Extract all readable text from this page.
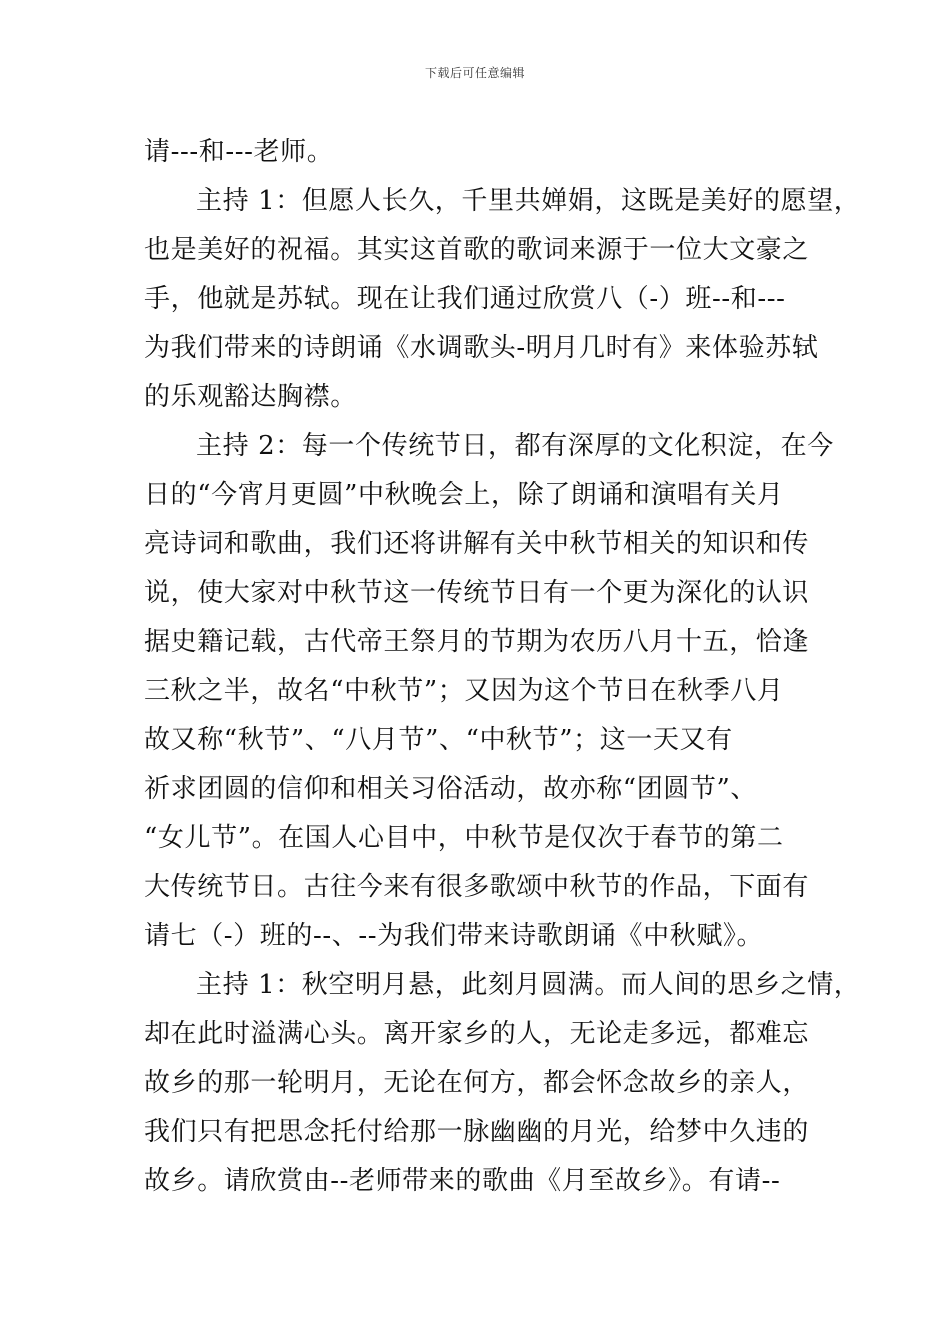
下载后可任意编辑
请---和---老师。
主持 1：但愿人长久，千里共婵娟，这既是美好的愿望，
也是美好的祝福。其实这首歌的歌词来源于一位大文豪之
手，他就是苏轼。现在让我们通过欣赏八（-）班--和---
为我们带来的诗朗诵《水调歌头-明月几时有》来体验苏轼
的乐观豁达胸襟。
主持 2：每一个传统节日，都有深厚的文化积淀，在今
日的“今宵月更圆”中秋晚会上，除了朗诵和演唱有关月
亮诗词和歌曲，我们还将讲解有关中秋节相关的知识和传
说，使大家对中秋节这一传统节日有一个更为深化的认识
据史籍记载，古代帝王祭月的节期为农历八月十五，恰逢
三秋之半，故名“中秋节”；又因为这个节日在秋季八月
故又称“秋节”、“八月节”、“中秋节”；这一天又有
祈求团圆的信仰和相关习俗活动，故亦称“团圆节”、
“女儿节”。在国人心目中，中秋节是仅次于春节的第二
大传统节日。古往今来有很多歌颂中秋节的作品，下面有
请七（-）班的--、--为我们带来诗歌朗诵《中秋赋》。
主持 1：秋空明月悬，此刻月圆满。而人间的思乡之情，
却在此时溢满心头。离开家乡的人，无论走多远，都难忘
故乡的那一轮明月，无论在何方，都会怀念故乡的亲人，
我们只有把思念托付给那一脉幽幽的月光，给梦中久违的
故乡。请欣赏由--老师带来的歌曲《月至故乡》。有请--
